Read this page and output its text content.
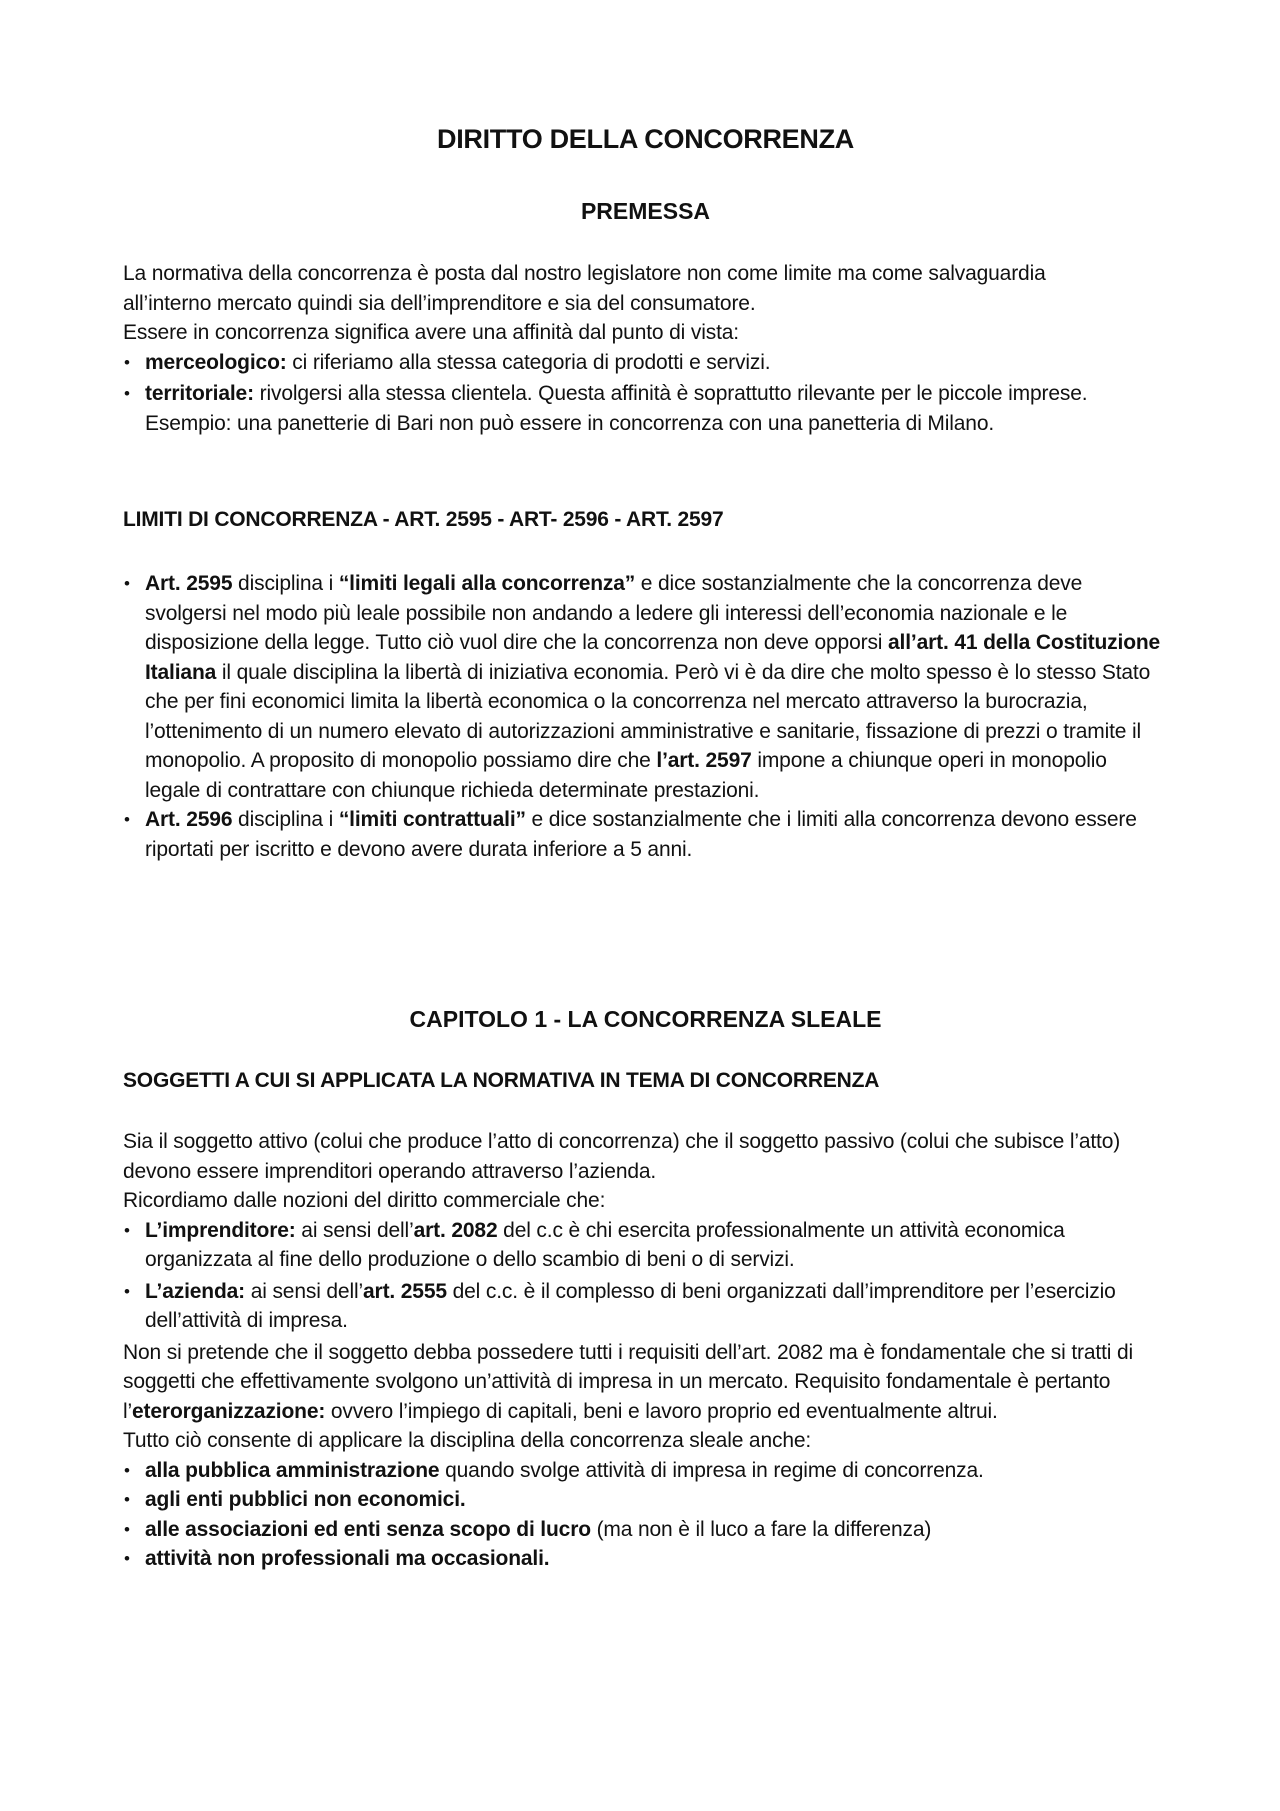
DIRITTO DELLA CONCORRENZA
PREMESSA

La normativa della concorrenza è posta dal nostro legislatore non come limite ma come salvaguardia all’interno mercato quindi sia dell’imprenditore e sia del consumatore.

Essere in concorrenza significa avere una affinità dal punto di vista:

• merceologico: ci riferiamo alla stessa categoria di prodotti e servizi.
• territoriale: rivolgersi alla stessa clientela. Questa affinità è soprattutto rilevante per le piccole imprese. Esempio: una panetterie di Bari non può essere in concorrenza con una panetteria di Milano.
LIMITI DI CONCORRENZA - ART. 2595 - ART- 2596 - ART. 2597
• Art. 2595 disciplina i “limiti legali alla concorrenza” e dice sostanzialmente che la concorrenza deve svolgersi nel modo più leale possibile non andando a ledere gli interessi dell’economia nazionale e le disposizione della legge. Tutto ciò vuol dire che la concorrenza non deve opporsi all’art. 41 della Costituzione Italiana il quale disciplina la libertà di iniziativa economia. Però vi è da dire che molto spesso è lo stesso Stato che per fini economici limita la libertà economica o la concorrenza nel mercato attraverso la burocrazia, l’ottenimento di un numero elevato di autorizzazioni amministrative e sanitarie, fissazione di prezzi o tramite il monopolio. A proposito di monopolio possiamo dire che l’art. 2597 impone a chiunque operi in monopolio legale di contrattare con chiunque richieda determinate prestazioni.
• Art. 2596 disciplina i “limiti contrattuali” e dice sostanzialmente che i limiti alla concorrenza devono essere riportati per iscritto e devono avere durata inferiore a 5 anni.
CAPITOLO 1 - LA CONCORRENZA SLEALE
SOGGETTI A CUI SI APPLICATA LA NORMATIVA IN TEMA DI CONCORRENZA

Sia il soggetto attivo (colui che produce l’atto di concorrenza) che il soggetto passivo (colui che subisce l’atto) devono essere imprenditori operando attraverso l’azienda.

Ricordiamo dalle nozioni del diritto commerciale che:

• L’imprenditore: ai sensi dell’art. 2082 del c.c è chi esercita professionalmente un attività economica organizzata al fine dello produzione o dello scambio di beni o di servizi.
• L’azienda: ai sensi dell’art. 2555 del c.c. è il complesso di beni organizzati dall’imprenditore per l’esercizio dell’attività di impresa.

Non si pretende che il soggetto debba possedere tutti i requisiti dell’art. 2082 ma è fondamentale che si tratti di soggetti che effettivamente svolgono un’attività di impresa in un mercato. Requisito fondamentale è pertanto l’eterorganizzazione: ovvero l’impiego di capitali, beni e lavoro proprio ed eventualmente altrui.

Tutto ciò consente di applicare la disciplina della concorrenza sleale anche:

• alla pubblica amministrazione quando svolge attività di impresa in regime di concorrenza.
• agli enti pubblici non economici.
• alle associazioni ed enti senza scopo di lucro (ma non è il luco a fare la differenza)
• attività non professionali ma occasionali.
